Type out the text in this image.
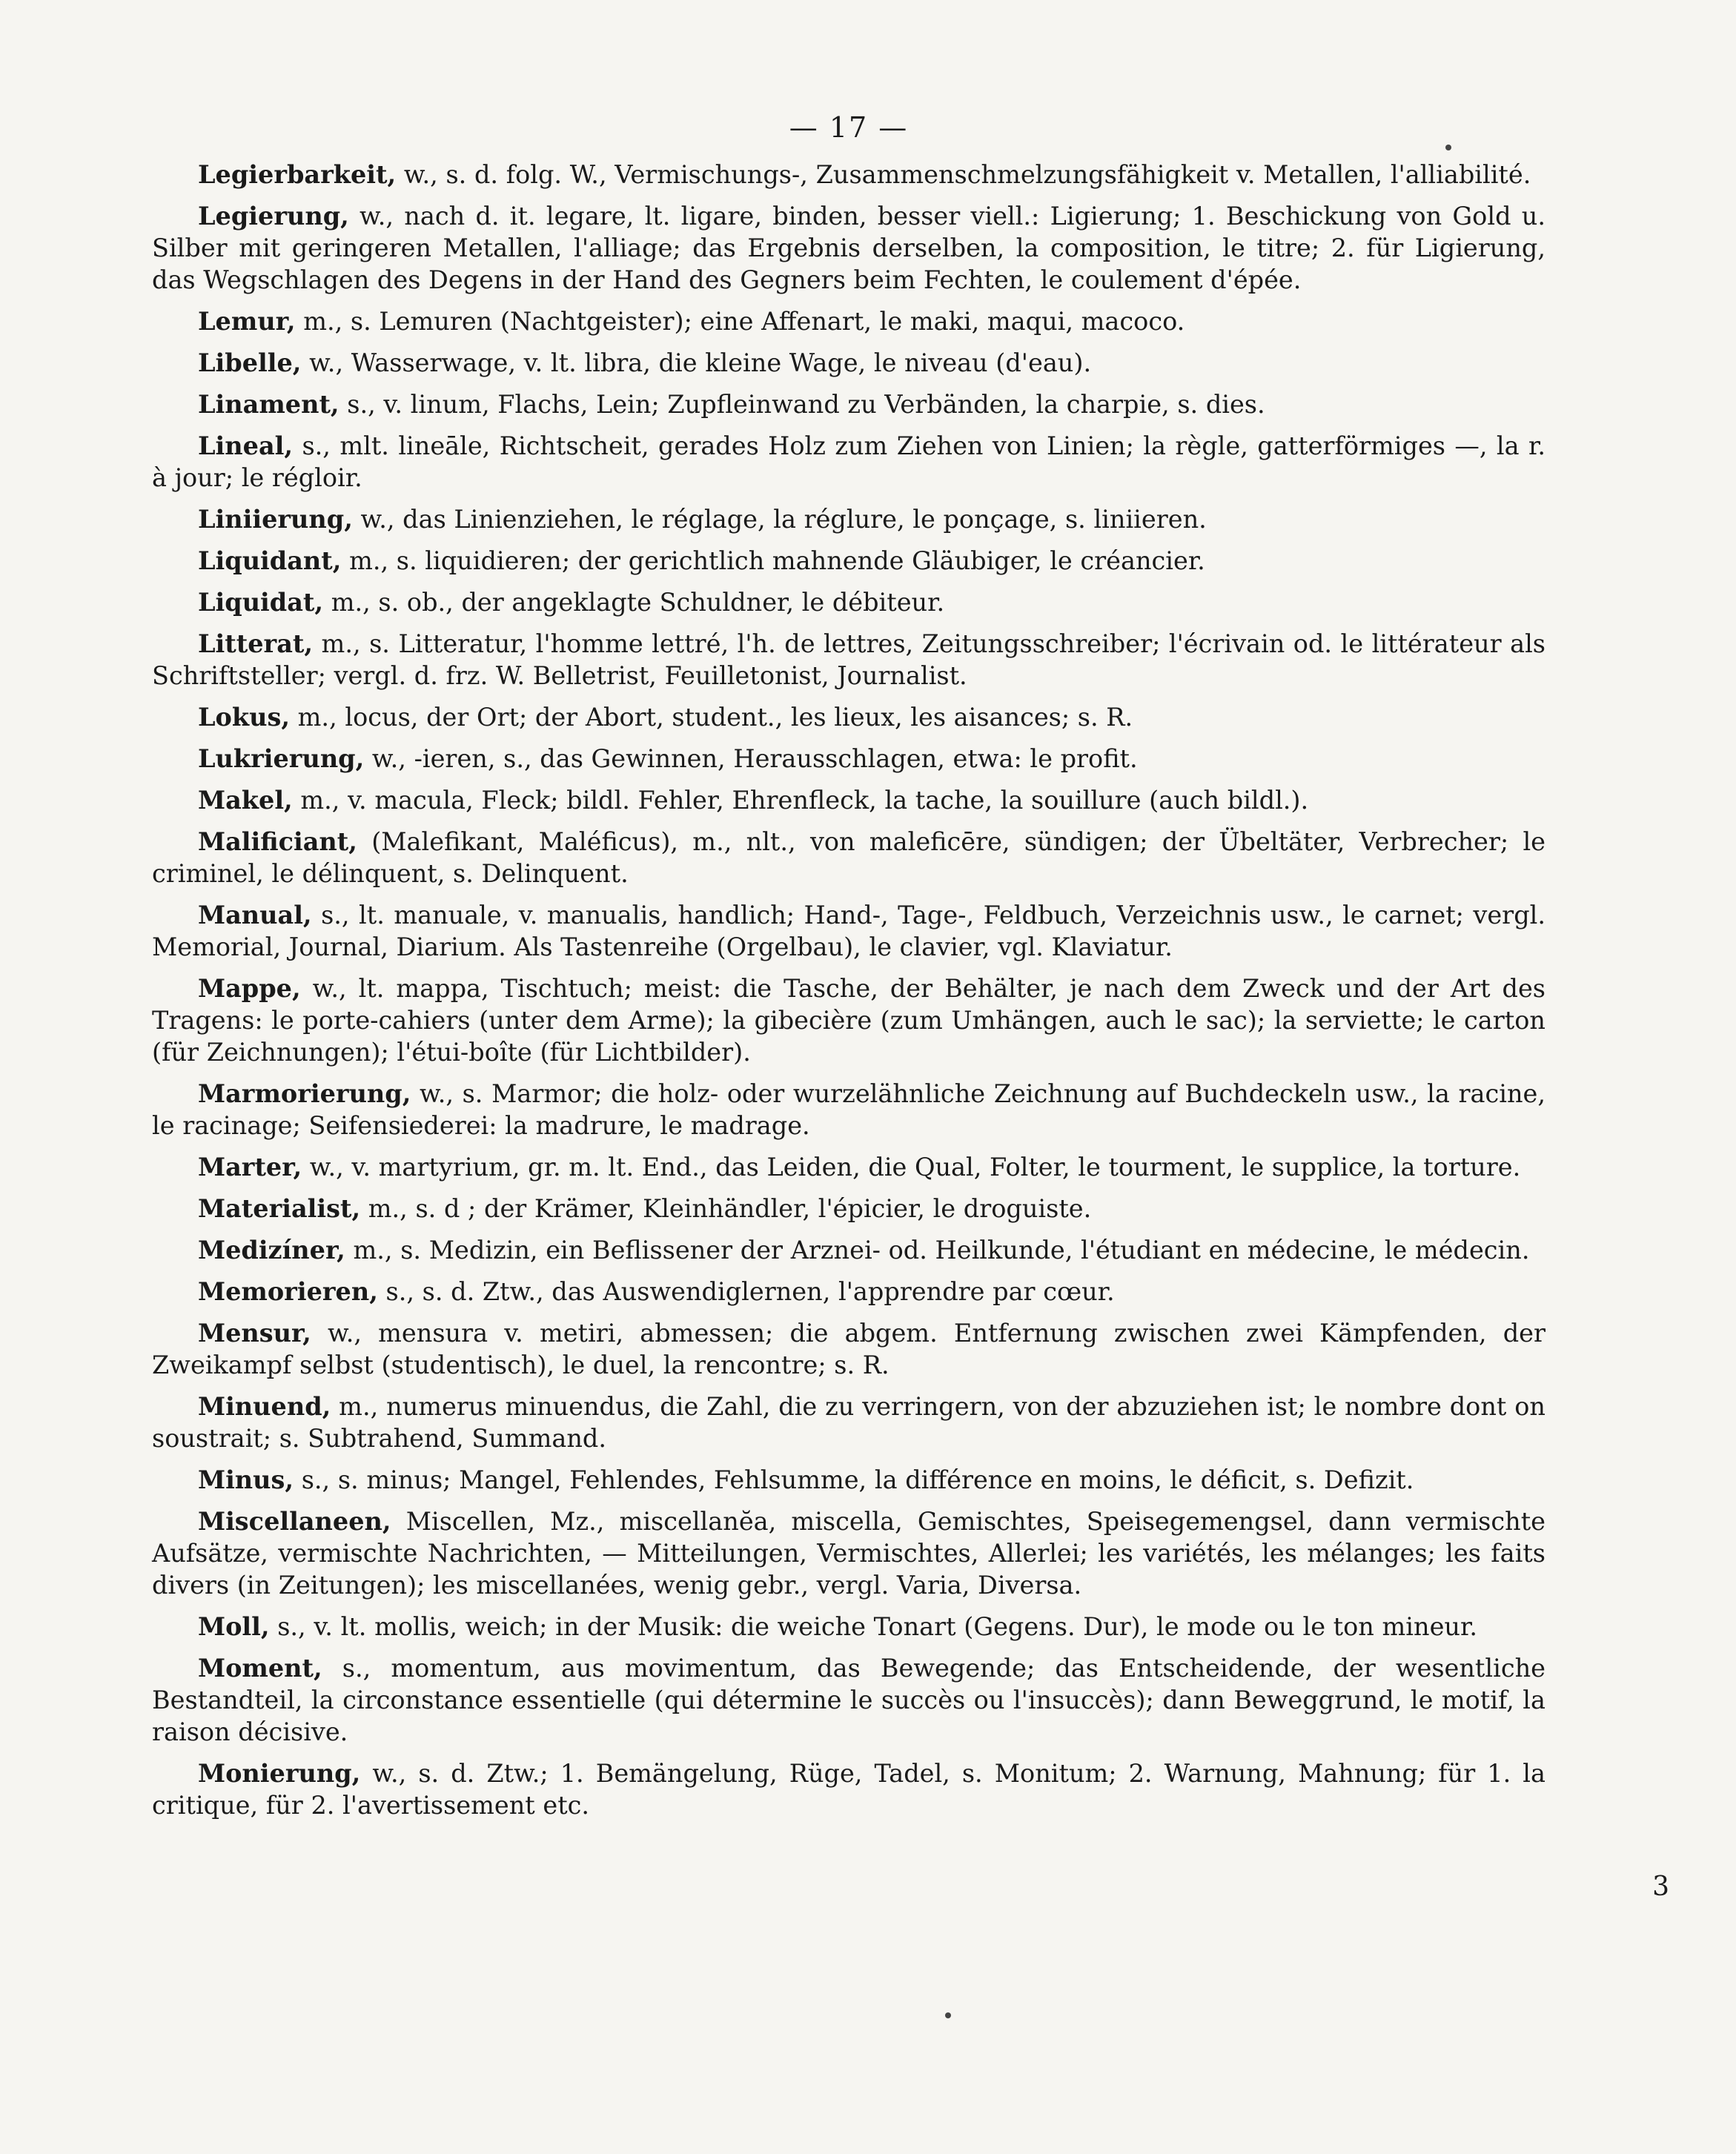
— 17 —

Legierbarkeit, w., s. d. folg. W., Vermischungs-, Zusammenschmelzungsfähigkeit v. Metallen, l'alliabilité.

Legierung, w., nach d. it. legare, lt. ligare, binden, besser viell.: Ligierung; 1. Beschickung von Gold u. Silber mit geringeren Metallen, l'alliage; das Ergebnis derselben, la composition, le titre; 2. für Ligierung, das Wegschlagen des Degens in der Hand des Gegners beim Fechten, le coulement d'épée.

Lemur, m., s. Lemuren (Nachtgeister); eine Affenart, le maki, maqui, macoco.

Libelle, w., Wasserwage, v. lt. libra, die kleine Wage, le niveau (d'eau).

Linament, s., v. linum, Flachs, Lein; Zupfleinwand zu Verbänden, la charpie, s. dies.

Lineal, s., mlt. lineāle, Richtscheit, gerades Holz zum Ziehen von Linien; la règle, gatterförmiges —, la r. à jour; le régloir.

Liniierung, w., das Linienziehen, le réglage, la réglure, le ponçage, s. liniieren.

Liquidant, m., s. liquidieren; der gerichtlich mahnende Gläubiger, le créancier.

Liquidat, m., s. ob., der angeklagte Schuldner, le débiteur.

Litterat, m., s. Litteratur, l'homme lettré, l'h. de lettres, Zeitungsschreiber; l'écrivain od. le littérateur als Schriftsteller; vergl. d. frz. W. Belletrist, Feuilletonist, Journalist.

Lokus, m., locus, der Ort; der Abort, student., les lieux, les aisances; s. R.

Lukrierung, w., -ieren, s., das Gewinnen, Herausschlagen, etwa: le profit.

Makel, m., v. macula, Fleck; bildl. Fehler, Ehrenfleck, la tache, la souillure (auch bildl.).

Malificiant, (Malefikant, Maléficus), m., nlt., von maleficēre, sündigen; der Übeltäter, Verbrecher; le criminel, le délinquent, s. Delinquent.

Manual, s., lt. manuale, v. manualis, handlich; Hand-, Tage-, Feldbuch, Verzeichnis usw., le carnet; vergl. Memorial, Journal, Diarium. Als Tastenreihe (Orgelbau), le clavier, vgl. Klaviatur.

Mappe, w., lt. mappa, Tischtuch; meist: die Tasche, der Behälter, je nach dem Zweck und der Art des Tragens: le porte-cahiers (unter dem Arme); la gibecière (zum Umhängen, auch le sac); la serviette; le carton (für Zeichnungen); l'étui-boîte (für Lichtbilder).

Marmorierung, w., s. Marmor; die holz- oder wurzelähnliche Zeichnung auf Buchdeckeln usw., la racine, le racinage; Seifensiederei: la madrure, le madrage.

Marter, w., v. martyrium, gr. m. lt. End., das Leiden, die Qual, Folter, le tourment, le supplice, la torture.

Materialist, m., s. d ; der Krämer, Kleinhändler, l'épicier, le droguiste.

Medizíner, m., s. Medizin, ein Beflissener der Arznei- od. Heilkunde, l'étudiant en médecine, le médecin.

Memorieren, s., s. d. Ztw., das Auswendiglernen, l'apprendre par cœur.

Mensur, w., mensura v. metiri, abmessen; die abgem. Entfernung zwischen zwei Kämpfenden, der Zweikampf selbst (studentisch), le duel, la rencontre; s. R.

Minuend, m., numerus minuendus, die Zahl, die zu verringern, von der abzuziehen ist; le nombre dont on soustrait; s. Subtrahend, Summand.

Minus, s., s. minus; Mangel, Fehlendes, Fehlsumme, la différence en moins, le déficit, s. Defizit.

Miscellaneen, Miscellen, Mz., miscellanĕa, miscella, Gemischtes, Speisegemengsel, dann vermischte Aufsätze, vermischte Nachrichten, — Mitteilungen, Vermischtes, Allerlei; les variétés, les mélanges; les faits divers (in Zeitungen); les miscellanées, wenig gebr., vergl. Varia, Diversa.

Moll, s., v. lt. mollis, weich; in der Musik: die weiche Tonart (Gegens. Dur), le mode ou le ton mineur.

Moment, s., momentum, aus movimentum, das Bewegende; das Entscheidende, der wesentliche Bestandteil, la circonstance essentielle (qui détermine le succès ou l'insuccès); dann Beweggrund, le motif, la raison décisive.

Monierung, w., s. d. Ztw.; 1. Bemängelung, Rüge, Tadel, s. Monitum; 2. Warnung, Mahnung; für 1. la critique, für 2. l'avertissement etc.

3
